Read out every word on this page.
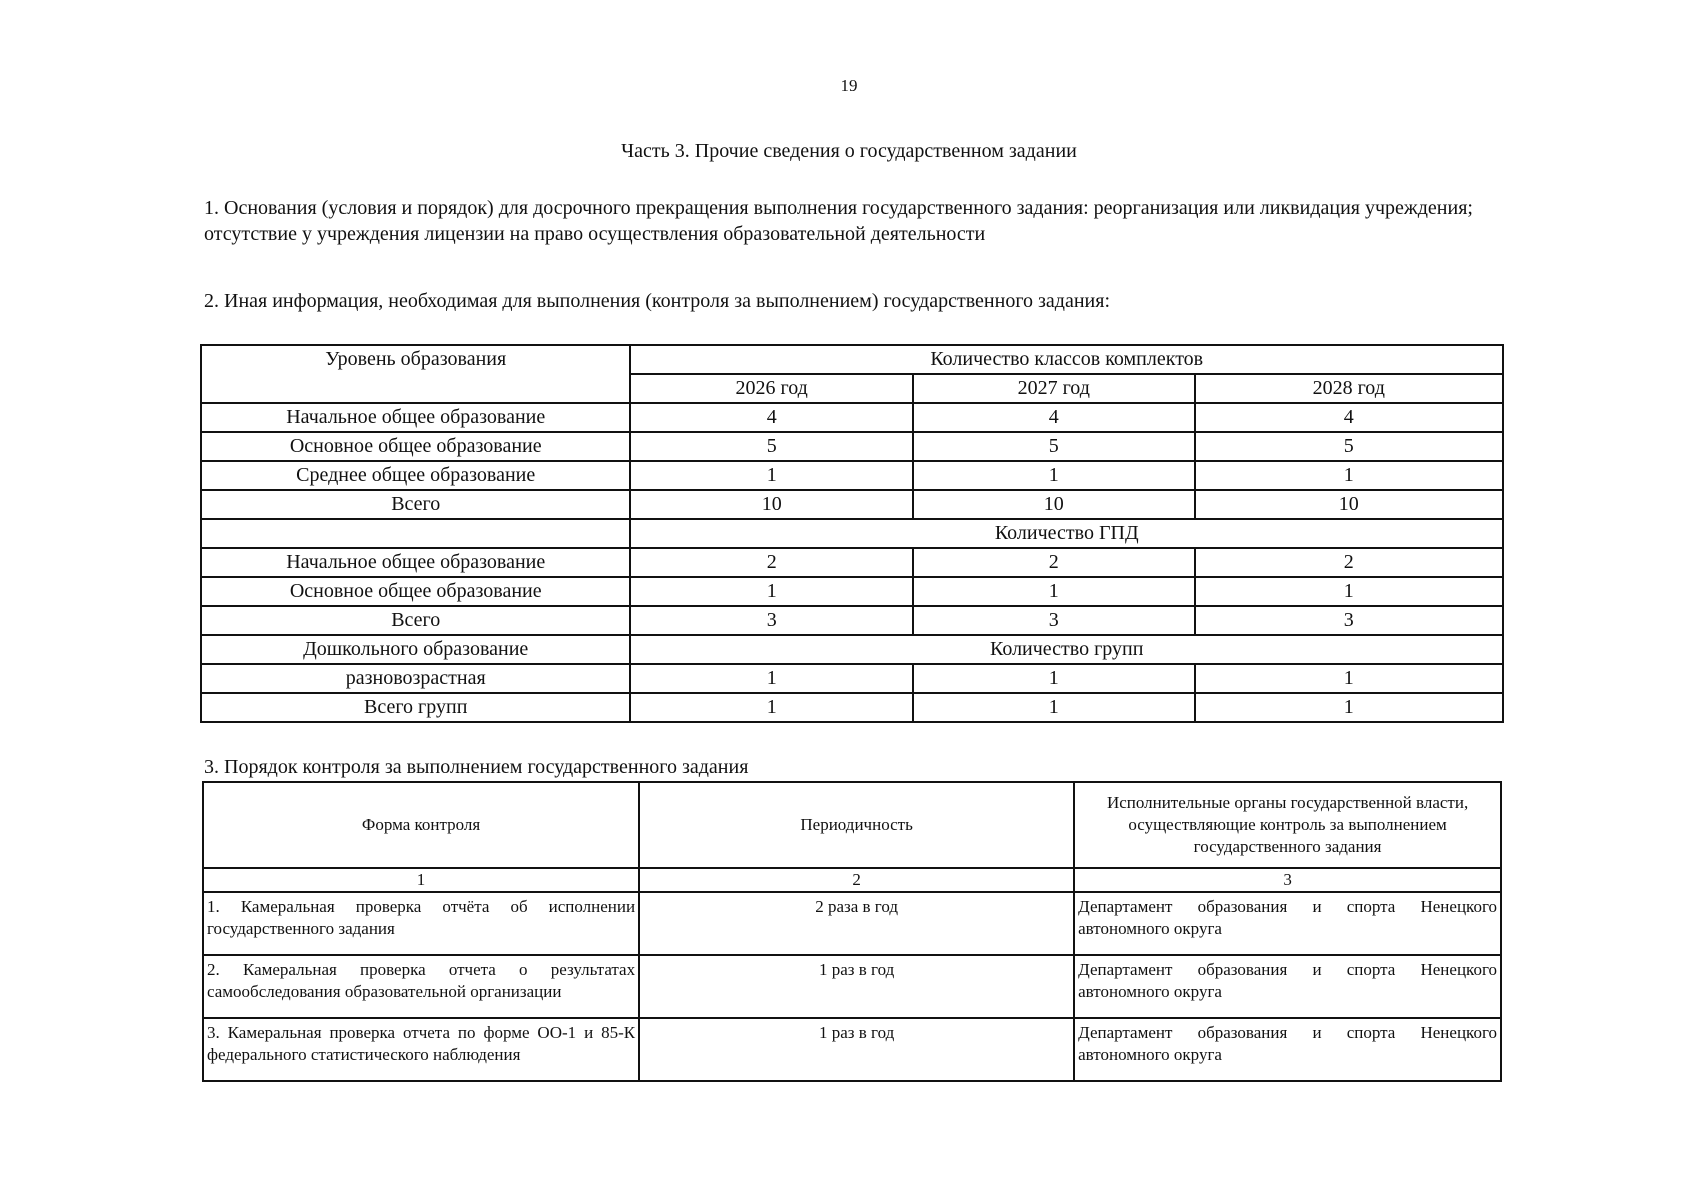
19
Часть 3. Прочие сведения о государственном задании
1. Основания (условия и порядок) для досрочного прекращения выполнения государственного задания: реорганизация или ликвидация учреждения; отсутствие у учреждения лицензии на право осуществления образовательной деятельности
2. Иная информация, необходимая для выполнения (контроля за выполнением) государственного задания:
Уровень образования	Количество классов комплектов		
	2026 год	2027 год	2028 год
Начальное общее образование	4	4	4
Основное общее образование	5	5	5
Среднее общее образование	1	1	1
Всего	10	10	10
	Количество ГПД		
Начальное общее образование	2	2	2
Основное общее образование	1	1	1
Всего	3	3	3
Дошкольного образование	Количество групп		
разновозрастная	1	1	1
Всего групп	1	1	1
3. Порядок контроля за выполнением государственного задания
Форма контроля	Периодичность	Исполнительные органы государственной власти, осуществляющие контроль за выполнением государственного задания
1	2	3
1. Камеральная проверка отчёта об исполнении государственного задания	2 раза в год	Департамент образования и спорта Ненецкого автономного округа
2. Камеральная проверка отчета о результатах самообследования образовательной организации	1 раз в год	Департамент образования и спорта Ненецкого автономного округа
3. Камеральная проверка отчета по форме ОО-1 и 85-К федерального статистического наблюдения	1 раз в год	Департамент образования и спорта Ненецкого автономного округа
